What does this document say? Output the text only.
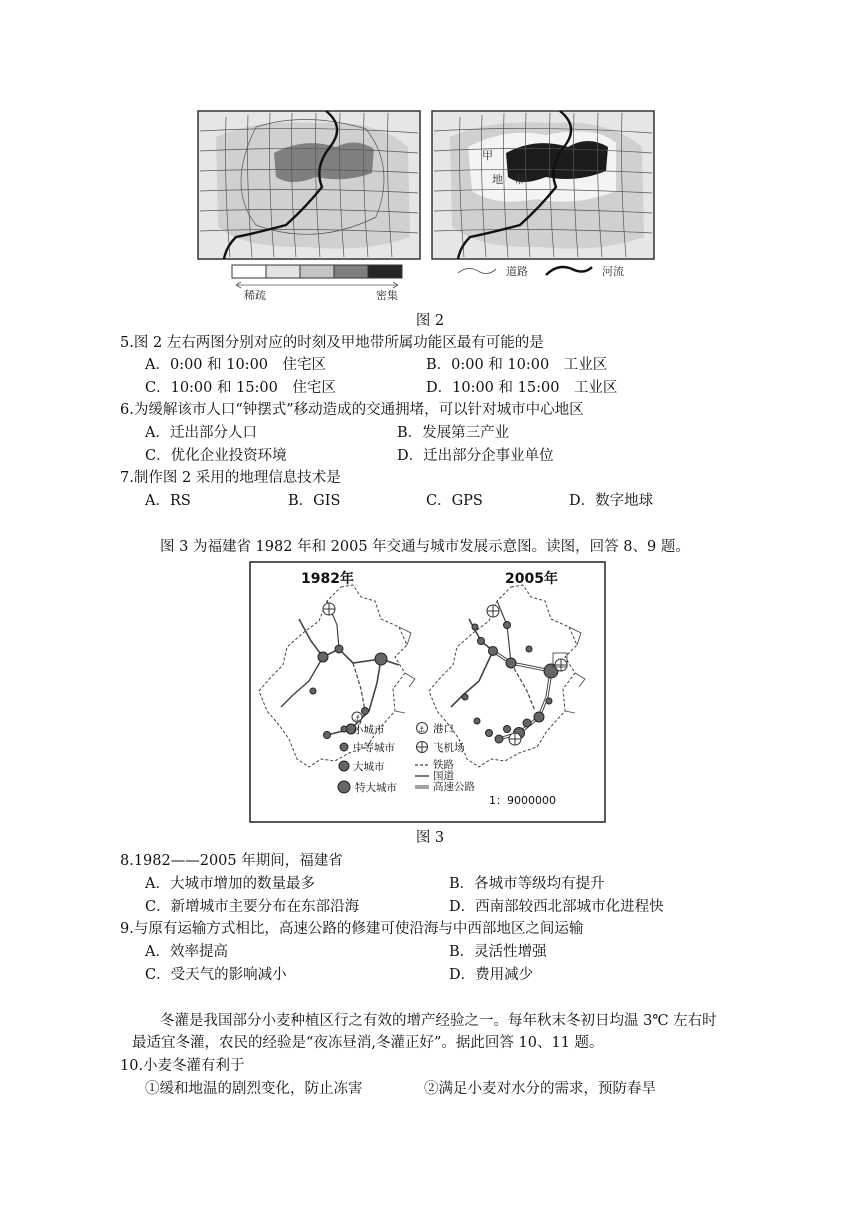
甲
地 带
稀疏	密集
道路	河流
图 2
5.图 2 左右两图分别对应的时刻及甲地带所属功能区最有可能的是
A．0:00 和 10:00　住宅区	B．0:00 和 10:00　工业区
C．10:00 和 15:00　住宅区	D．10:00 和 15:00　工业区
6.为缓解该市人口“钟摆式”移动造成的交通拥堵，可以针对城市中心地区
A．迁出部分人口	B．发展第三产业
C．优化企业投资环境	D．迁出部分企事业单位
7.制作图 2 采用的地理信息技术是
A．RS	B．GIS	C．GPS	D．数字地球
图 3 为福建省 1982 年和 2005 年交通与城市发展示意图。读图，回答 8、9 题。
1982年	2005年
⚓
小城市
中等城市
大城市
特大城市
⚓ 港口
飞机场
铁路
国道
高速公路
1：9000000
图 3
8.1982——2005 年期间，福建省
A．大城市增加的数量最多	B．各城市等级均有提升
C．新增城市主要分布在东部沿海	D．西南部较西北部城市化进程快
9.与原有运输方式相比，高速公路的修建可使沿海与中西部地区之间运输
A．效率提高	B．灵活性增强
C．受天气的影响减小	D．费用减少
冬灌是我国部分小麦种植区行之有效的增产经验之一。每年秋末冬初日均温 3℃ 左右时
最适宜冬灌，农民的经验是“夜冻昼消,冬灌正好”。据此回答 10、11 题。
10.小麦冬灌有利于
①缓和地温的剧烈变化，防止冻害	②满足小麦对水分的需求，预防春旱
